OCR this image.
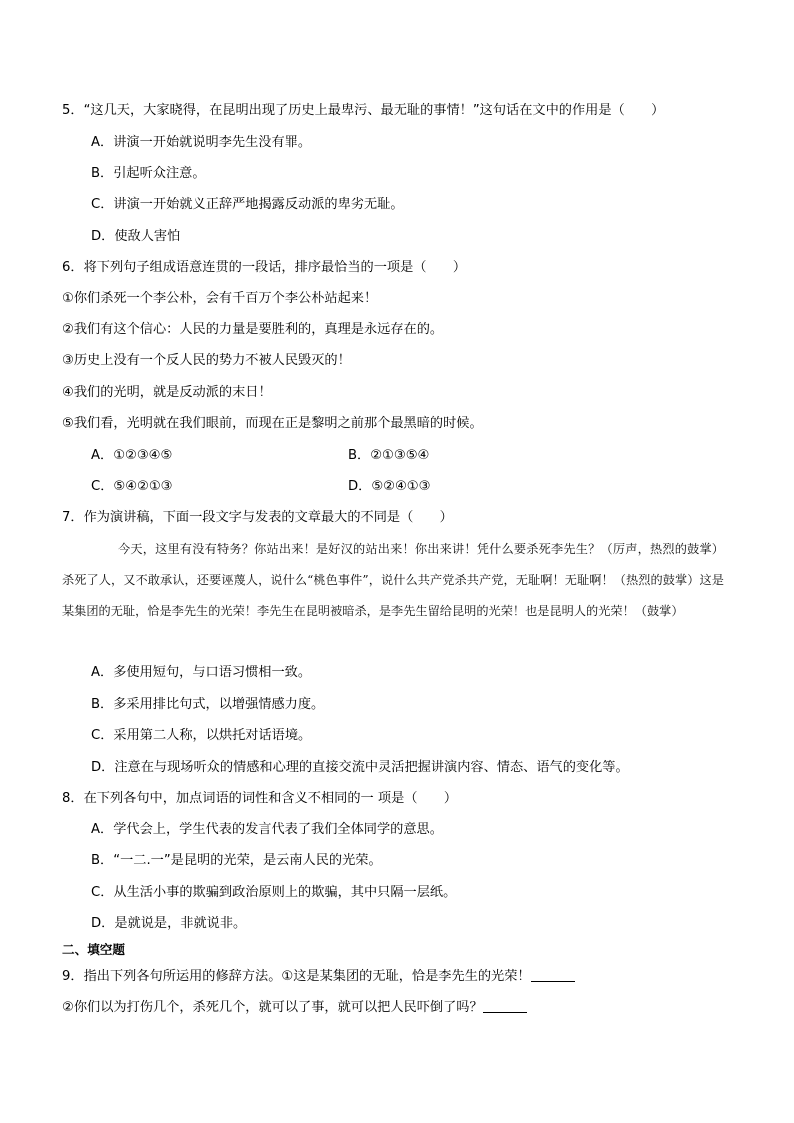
5．“这几天，大家晓得，在昆明出现了历史上最卑污、最无耻的事情！”这句话在文中的作用是（　　）
A．讲演一开始就说明李先生没有罪。
B．引起听众注意。
C．讲演一开始就义正辞严地揭露反动派的卑劣无耻。
D．使敌人害怕
6．将下列句子组成语意连贯的一段话，排序最恰当的一项是（　　）
①你们杀死一个李公朴，会有千百万个李公朴站起来！
②我们有这个信心：人民的力量是要胜利的，真理是永远存在的。
③历史上没有一个反人民的势力不被人民毁灭的！
④我们的光明，就是反动派的末日！
⑤我们看，光明就在我们眼前，而现在正是黎明之前那个最黑暗的时候。
A．①②③④⑤	B．②①③⑤④
C．⑤④②①③	D．⑤②④①③
7．作为演讲稿，下面一段文字与发表的文章最大的不同是（　　）
今天，这里有没有特务？你站出来！是好汉的站出来！你出来讲！凭什么要杀死李先生？（厉声，热烈的鼓掌）杀死了人，又不敢承认，还要诬蔑人，说什么“桃色事件”，说什么共产党杀共产党，无耻啊！无耻啊！（热烈的鼓掌）这是某集团的无耻，恰是李先生的光荣！李先生在昆明被暗杀，是李先生留给昆明的光荣！也是昆明人的光荣！（鼓掌）
A．多使用短句，与口语习惯相一致。
B．多采用排比句式，以增强情感力度。
C．采用第二人称，以烘托对话语境。
D．注意在与现场听众的情感和心理的直接交流中灵活把握讲演内容、情态、语气的变化等。
8．在下列各句中，加点词语的词性和含义不相同的一 项是（　　）
A．学代会上，学生代表的发言代表了我们全体同学的意思。
B．“一二.一”是昆明的光荣，是云南人民的光荣。
C．从生活小事的欺骗到政治原则上的欺骗，其中只隔一层纸。
D．是就说是，非就说非。
二、填空题
9．指出下列各句所运用的修辞方法。①这是某集团的无耻，恰是李先生的光荣！
②你们以为打伤几个，杀死几个，就可以了事，就可以把人民吓倒了吗？
